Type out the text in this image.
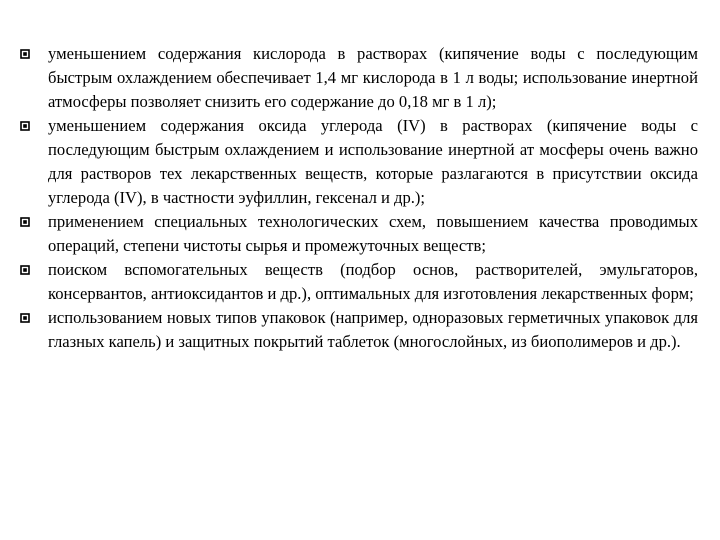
уменьшением содержания кислорода в растворах (кипячение воды с последующим быстрым охлаждением обеспечивает 1,4 мг кислорода в 1 л воды; использование инертной атмосферы позволяет снизить его содержание до 0,18 мг в 1 л);
уменьшением содержания оксида углерода (IV) в растворах (кипячение воды с последующим быстрым охлаждением и использование инертной ат мосферы очень важно для растворов тех лекарственных веществ, которые разлагаются в присутствии оксида углерода (IV), в частности эуфиллин, гексенал и др.);
применением специальных технологических схем, повышением качества проводимых операций, степени чистоты сырья и промежуточных веществ;
поиском вспомогательных веществ (подбор основ, растворителей, эмульгаторов, консервантов, антиоксидантов и др.), оптимальных для изготовления лекарственных форм;
использованием новых типов упаковок (например, одноразовых герметичных упаковок для глазных капель) и защитных покрытий таблеток (многослойных, из биополимеров и др.).
